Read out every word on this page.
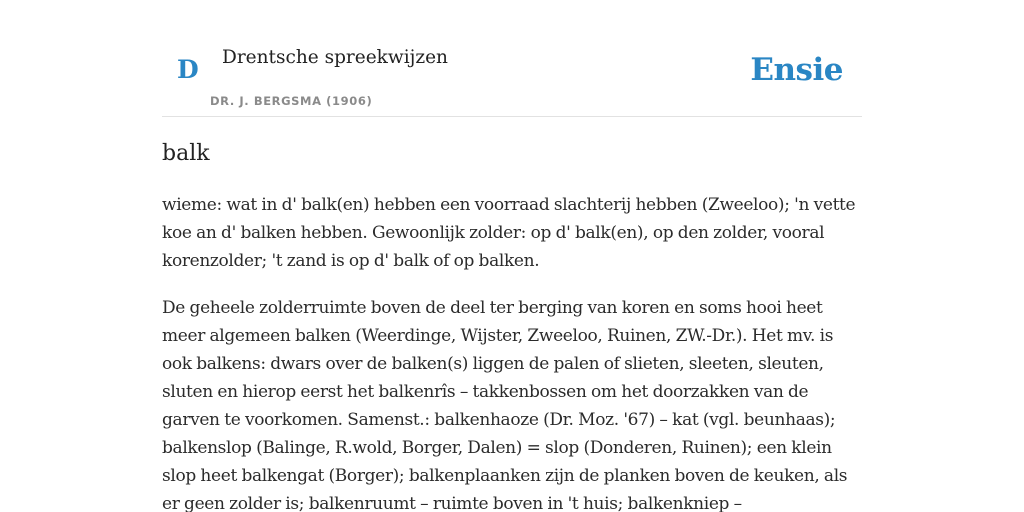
D Drentsche spreekwijzen
DR. J. BERGSMA (1906)
Ensie
balk

wieme: wat in d' balk(en) hebben een voorraad slachterij hebben (Zweeloo); 'n vette koe an d' balken hebben. Gewoonlijk zolder: op d' balk(en), op den zolder, vooral korenzolder; 't zand is op d' balk of op balken.

De geheele zolderruimte boven de deel ter berging van koren en soms hooi heet meer algemeen balken (Weerdinge, Wijster, Zweeloo, Ruinen, ZW.-Dr.). Het mv. is ook balkens: dwars over de balken(s) liggen de palen of slieten, sleeten, sleuten, sluten en hierop eerst het balkenrîs – takkenbossen om het doorzakken van de garven te voorkomen. Samenst.: balkenhaoze (Dr. Moz. '67) – kat (vgl. beunhaas); balkenslop (Balinge, R.wold, Borger, Dalen) = slop (Donderen, Ruinen); een klein slop heet balkengat (Borger); balkenplaanken zijn de planken boven de keuken, als er geen zolder is; balkenruumt – ruimte boven in 't huis; balkenkniep –
